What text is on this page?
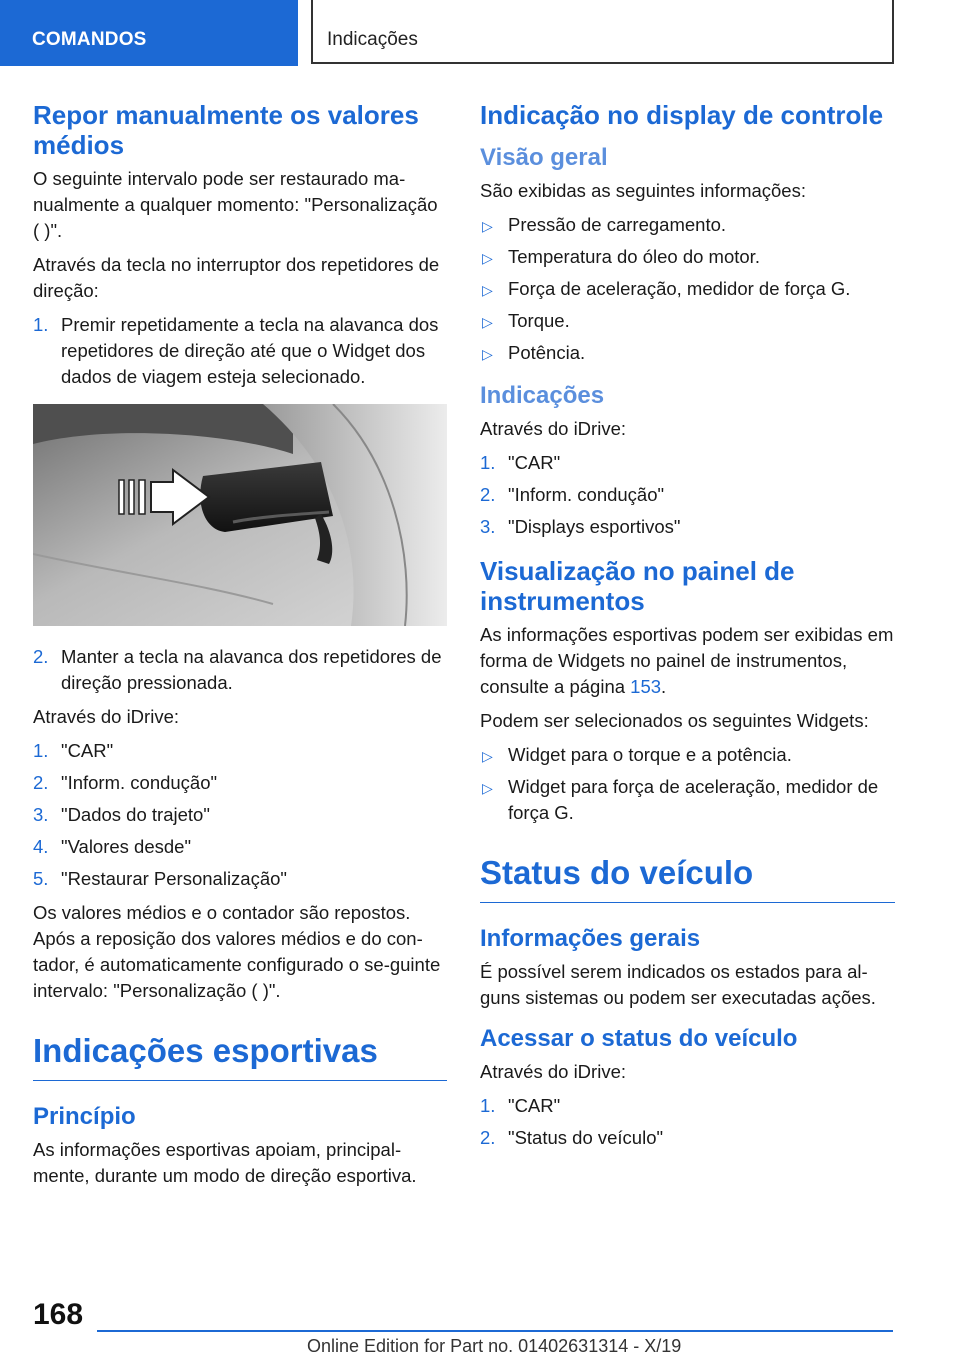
COMANDOS	Indicações
Repor manualmente os valores médios

O seguinte intervalo pode ser restaurado ma-nualmente a qualquer momento: "Personalização ( )".

Através da tecla no interruptor dos repetidores de direção:

1. Premir repetidamente a tecla na alavanca dos repetidores de direção até que o Widget dos dados de viagem esteja selecionado.
2. Manter a tecla na alavanca dos repetidores de direção pressionada.

Através do iDrive:

1. "CAR"
2. "Inform. condução"
3. "Dados do trajeto"
4. "Valores desde"
5. "Restaurar Personalização"

Os valores médios e o contador são repostos. Após a reposição dos valores médios e do con-tador, é automaticamente configurado o se-guinte intervalo: "Personalização ( )".

Indicações esportivas
Princípio

As informações esportivas apoiam, principal-mente, durante um modo de direção esportiva.

Indicação no display de controle
Visão geral

São exibidas as seguintes informações:

▷ Pressão de carregamento.
▷ Temperatura do óleo do motor.
▷ Força de aceleração, medidor de força G.
▷ Torque.
▷ Potência.
Indicações

Através do iDrive:

1. "CAR"
2. "Inform. condução"
3. "Displays esportivos"
Visualização no painel de instrumentos

As informações esportivas podem ser exibidas em forma de Widgets no painel de instrumentos, consulte a página 153.

Podem ser selecionados os seguintes Widgets:

▷ Widget para o torque e a potência.
▷ Widget para força de aceleração, medidor de força G.
Status do veículo
Informações gerais

É possível serem indicados os estados para al-guns sistemas ou podem ser executadas ações.

Acessar o status do veículo

Através do iDrive:

1. "CAR"
2. "Status do veículo"
168
Online Edition for Part no. 01402631314 - X/19
